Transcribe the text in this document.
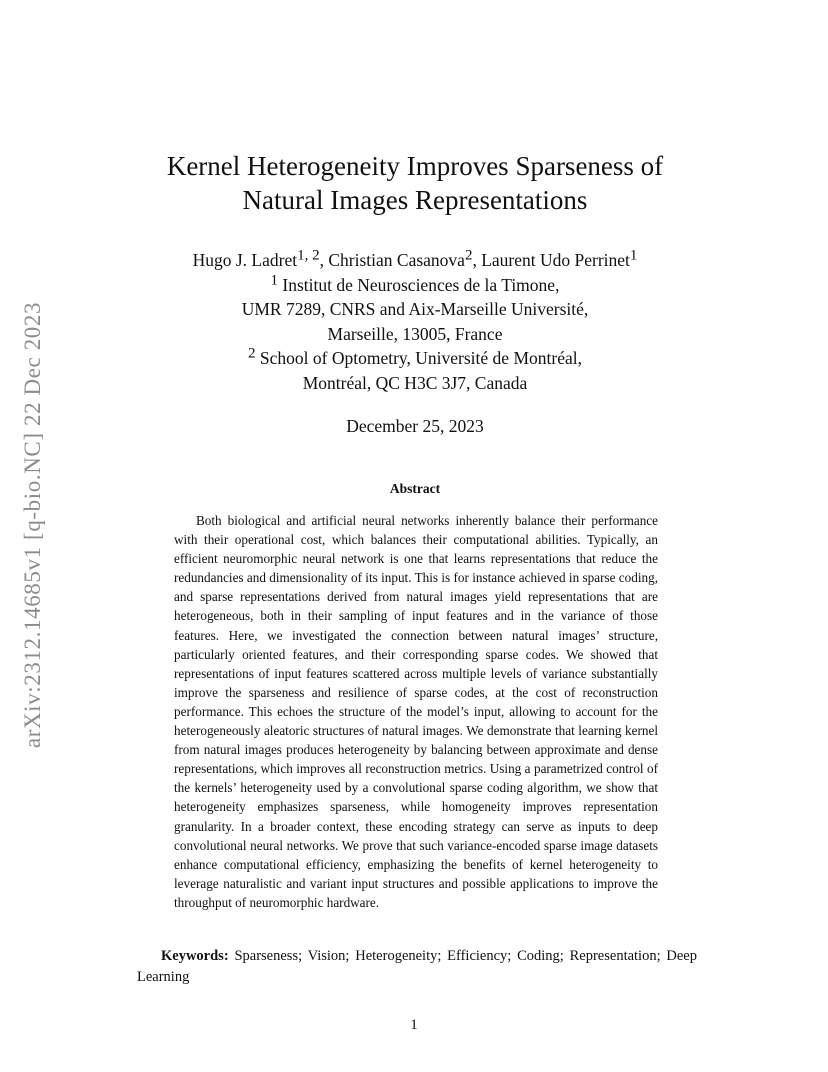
arXiv:2312.14685v1 [q-bio.NC] 22 Dec 2023
Kernel Heterogeneity Improves Sparseness of
Natural Images Representations
Hugo J. Ladret$^{1, 2}$, Christian Casanova$^2$, Laurent Udo Perrinet$^1$
$^1$ Institut de Neurosciences de la Timone,
UMR 7289, CNRS and Aix-Marseille Université,
Marseille, 13005, France
$^2$ School of Optometry, Université de Montréal,
Montréal, QC H3C 3J7, Canada
December 25, 2023
Abstract

Both biological and artificial neural networks inherently balance their performance with their operational cost, which balances their computational abilities. Typically, an efficient neuromorphic neural network is one that learns representations that reduce the redundancies and dimensionality of its input. This is for instance achieved in sparse coding, and sparse representations derived from natural images yield representations that are heterogeneous, both in their sampling of input features and in the variance of those features. Here, we investigated the connection between natural images’ structure, particularly oriented features, and their corresponding sparse codes. We showed that representations of input features scattered across multiple levels of variance substantially improve the sparseness and resilience of sparse codes, at the cost of reconstruction performance. This echoes the structure of the model’s input, allowing to account for the heterogeneously aleatoric structures of natural images. We demonstrate that learning kernel from natural images produces heterogeneity by balancing between approximate and dense representations, which improves all reconstruction metrics. Using a parametrized control of the kernels’ heterogeneity used by a convolutional sparse coding algorithm, we show that heterogeneity emphasizes sparseness, while homogeneity improves representation granularity. In a broader context, these encoding strategy can serve as inputs to deep convolutional neural networks. We prove that such variance-encoded sparse image datasets enhance computational efficiency, emphasizing the benefits of kernel heterogeneity to leverage naturalistic and variant input structures and possible applications to improve the throughput of neuromorphic hardware.

Keywords: Sparseness; Vision; Heterogeneity; Efficiency; Coding; Representation; Deep Learning

1
